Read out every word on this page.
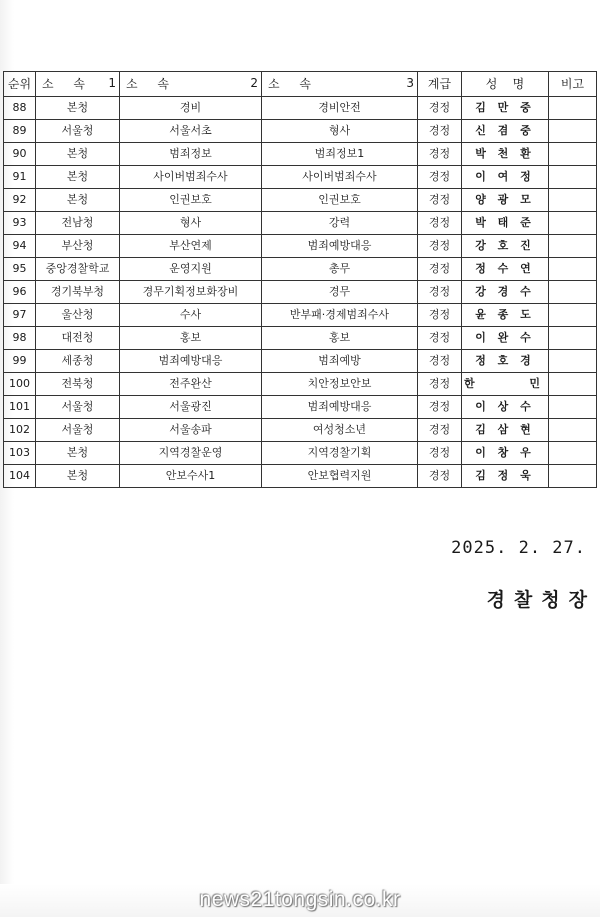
순위	소 속 1	소 속 2	소 속 3	계급	성    명	비고
88	본청	경비	경비안전	경정	김 만 중	
89	서울청	서울서초	형사	경정	신 겸 중	
90	본청	범죄정보	범죄정보1	경정	박 천 환	
91	본청	사이버범죄수사	사이버범죄수사	경정	이 여 정	
92	본청	인권보호	인권보호	경정	양 광 모	
93	전남청	형사	강력	경정	박 태 준	
94	부산청	부산연제	범죄예방대응	경정	강 호 진	
95	중앙경찰학교	운영지원	총무	경정	정 수 연	
96	경기북부청	경무기획정보화장비	경무	경정	강 경 수	
97	울산청	수사	반부패·경제범죄수사	경정	윤 종 도	
98	대전청	홍보	홍보	경정	이 완 수	
99	세종청	범죄예방대응	범죄예방	경정	정 호 경	
100	전북청	전주완산	치안정보안보	경정	한 민	

101	서울청	서울광진	범죄예방대응	경정	이 상 수	
102	서울청	서울송파	여성청소년	경정	김 삼 현	
103	본청	지역경찰운영	지역경찰기획	경정	이 창 우	
104	본청	안보수사1	안보협력지원	경정	김 정 욱	
2025. 2. 27.
경찰청장
news21tongsin.co.kr
